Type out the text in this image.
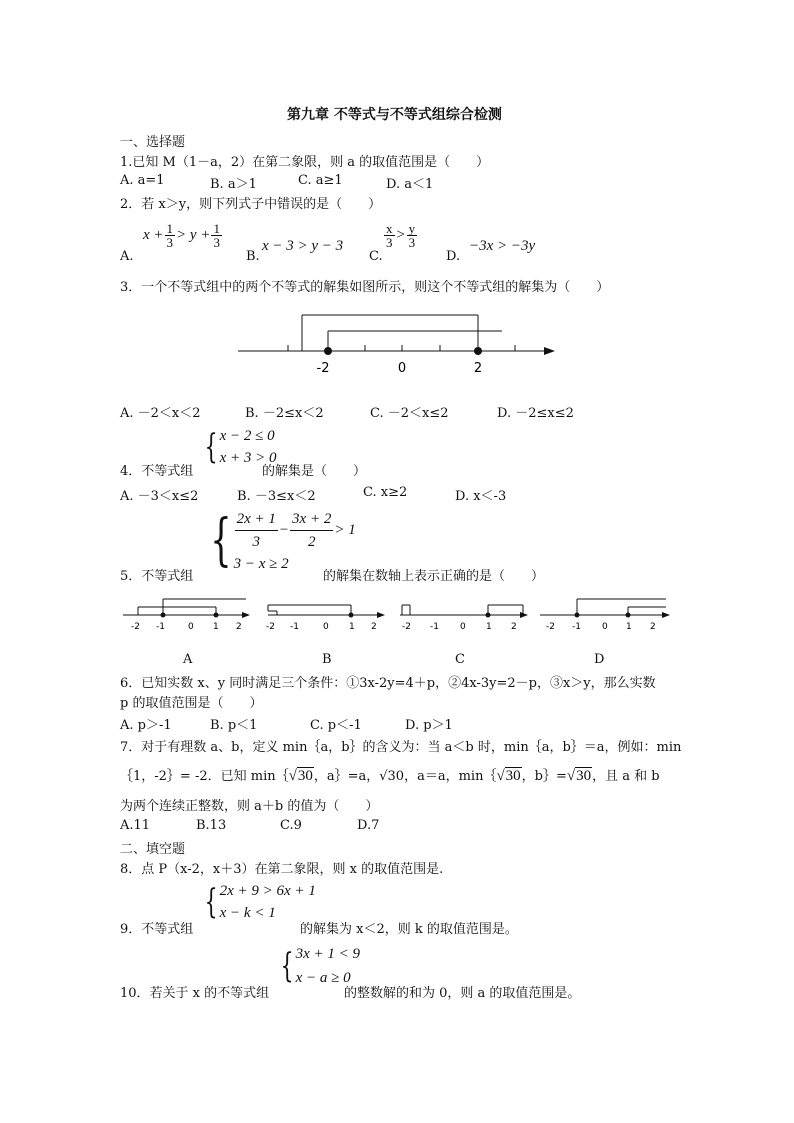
第九章 不等式与不等式组综合检测
一、选择题
1.已知 M（1－a，2）在第二象限，则 a 的取值范围是（　　）
A. a=1	B. a＞1	C. a≥1	D. a＜1
2．若 x＞y，则下列式子中错误的是（　　）
$x + \frac{1}{3} > y + \frac{1}{3}$
A.	B.
x − 3 > y − 3
C.
$\frac{x}{3} > \frac{y}{3}$
D.
−3x > −3y
3．一个不等式组中的两个不等式的解集如图所示，则这个不等式组的解集为（　　）
-2	0	2
A. －2＜x＜2	B. －2≤x＜2	C. －2＜x≤2	D. －2≤x≤2
{ x − 2 ≤ 0
x + 3 > 0
4．不等式组	的解集是（　　）
A. －3＜x≤2	B. －3≤x＜2	C. x≥2	D. x＜-3
{ $\frac{2x + 1}{3} - \frac{3x + 2}{2} > 1$
3 − x ≥ 2
5．不等式组	的解集在数轴上表示正确的是（　　）
-2 -1	0 1 2	-2 -1	0 1 2	-2 -1 0 1 2	-2 -1 0 1 2
A	B	C	D
6．已知实数 x、y 同时满足三个条件：①3x-2y=4＋p，②4x-3y=2－p，③x＞y，那么实数
p 的取值范围是（　　）
A. p＞-1	B. p＜1	C. p＜-1	D. p＞1
7．对于有理数 a、b，定义 min｛a，b｝的含义为：当 a＜b 时，min｛a，b｝＝a，例如：min
｛1，-2｝= -2．已知 min｛√30，a｝=a，√30，a＝a，min｛√30，b｝=√30，且 a 和 b
为两个连续正整数，则 a＋b 的值为（　　）
A.11	B.13	C.9	D.7
二、填空题
8．点 P（x-2，x＋3）在第二象限，则 x 的取值范围是.
{ 2x + 9 > 6x + 1
x − k < 1
9．不等式组	的解集为 x＜2，则 k 的取值范围是。
{ 3x + 1 < 9
x − a ≥ 0
10．若关于 x 的不等式组	的整数解的和为 0，则 a 的取值范围是。
